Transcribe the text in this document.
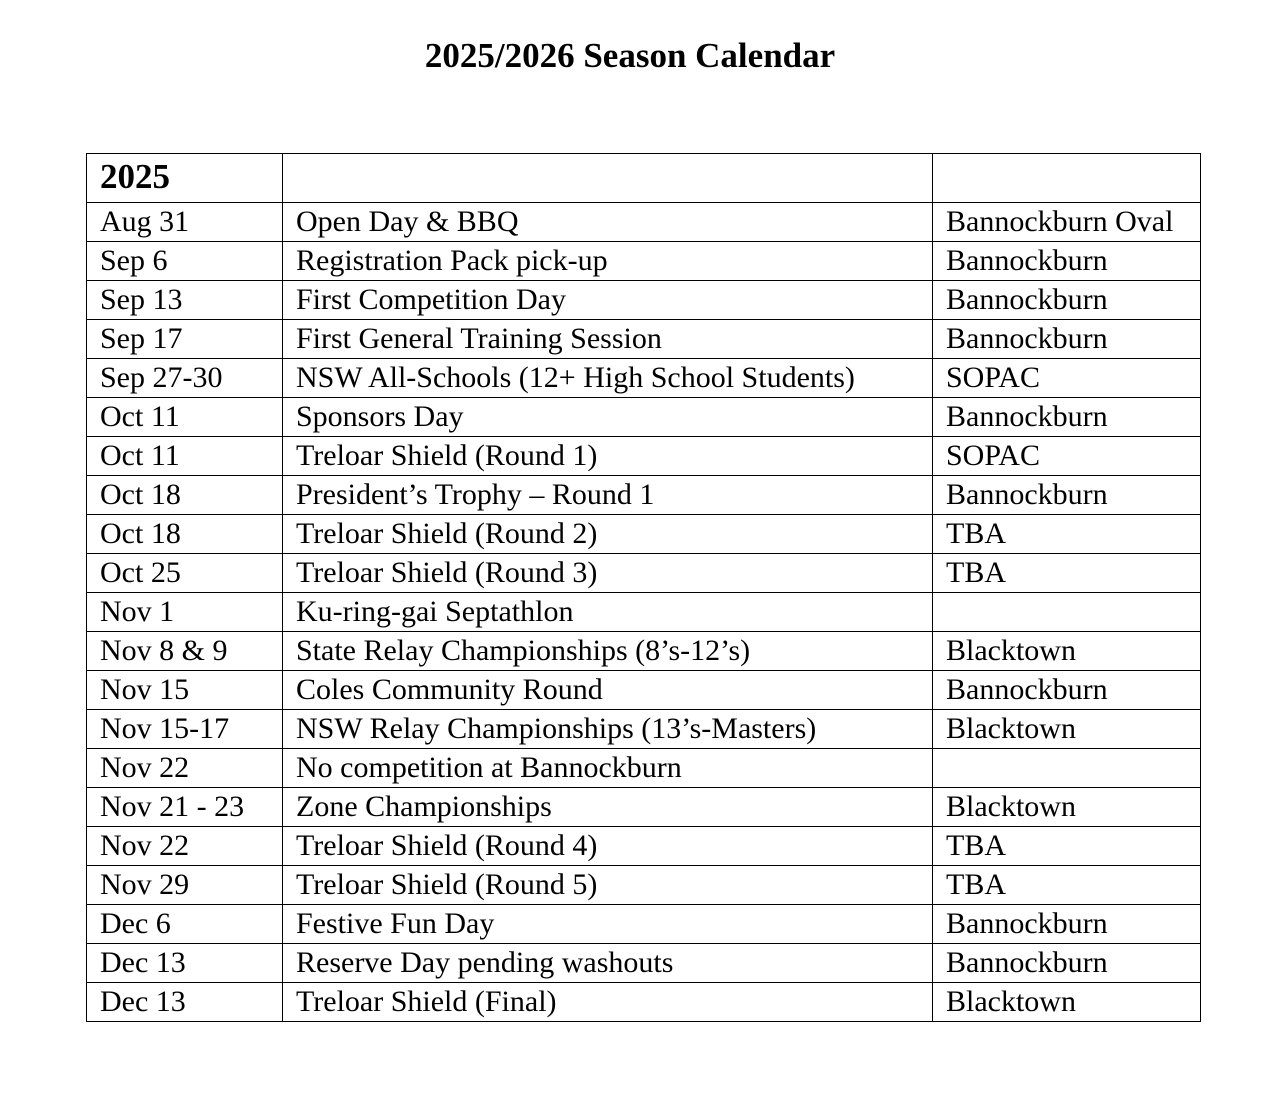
2025/2026 Season Calendar
2025		
Aug 31	Open Day & BBQ	Bannockburn Oval
Sep 6	Registration Pack pick-up	Bannockburn
Sep 13	First Competition Day	Bannockburn
Sep 17	First General Training Session	Bannockburn
Sep 27-30	NSW All-Schools (12+ High School Students)	SOPAC
Oct 11	Sponsors Day	Bannockburn
Oct 11	Treloar Shield (Round 1)	SOPAC
Oct 18	President’s Trophy – Round 1	Bannockburn
Oct 18	Treloar Shield (Round 2)	TBA
Oct 25	Treloar Shield (Round 3)	TBA
Nov 1	Ku-ring-gai Septathlon	
Nov 8 & 9	State Relay Championships (8’s-12’s)	Blacktown
Nov 15	Coles Community Round	Bannockburn
Nov 15-17	NSW Relay Championships (13’s-Masters)	Blacktown
Nov 22	No competition at Bannockburn	
Nov 21 - 23	Zone Championships	Blacktown
Nov 22	Treloar Shield (Round 4)	TBA
Nov 29	Treloar Shield (Round 5)	TBA
Dec 6	Festive Fun Day	Bannockburn
Dec 13	Reserve Day pending washouts	Bannockburn
Dec 13	Treloar Shield (Final)	Blacktown
